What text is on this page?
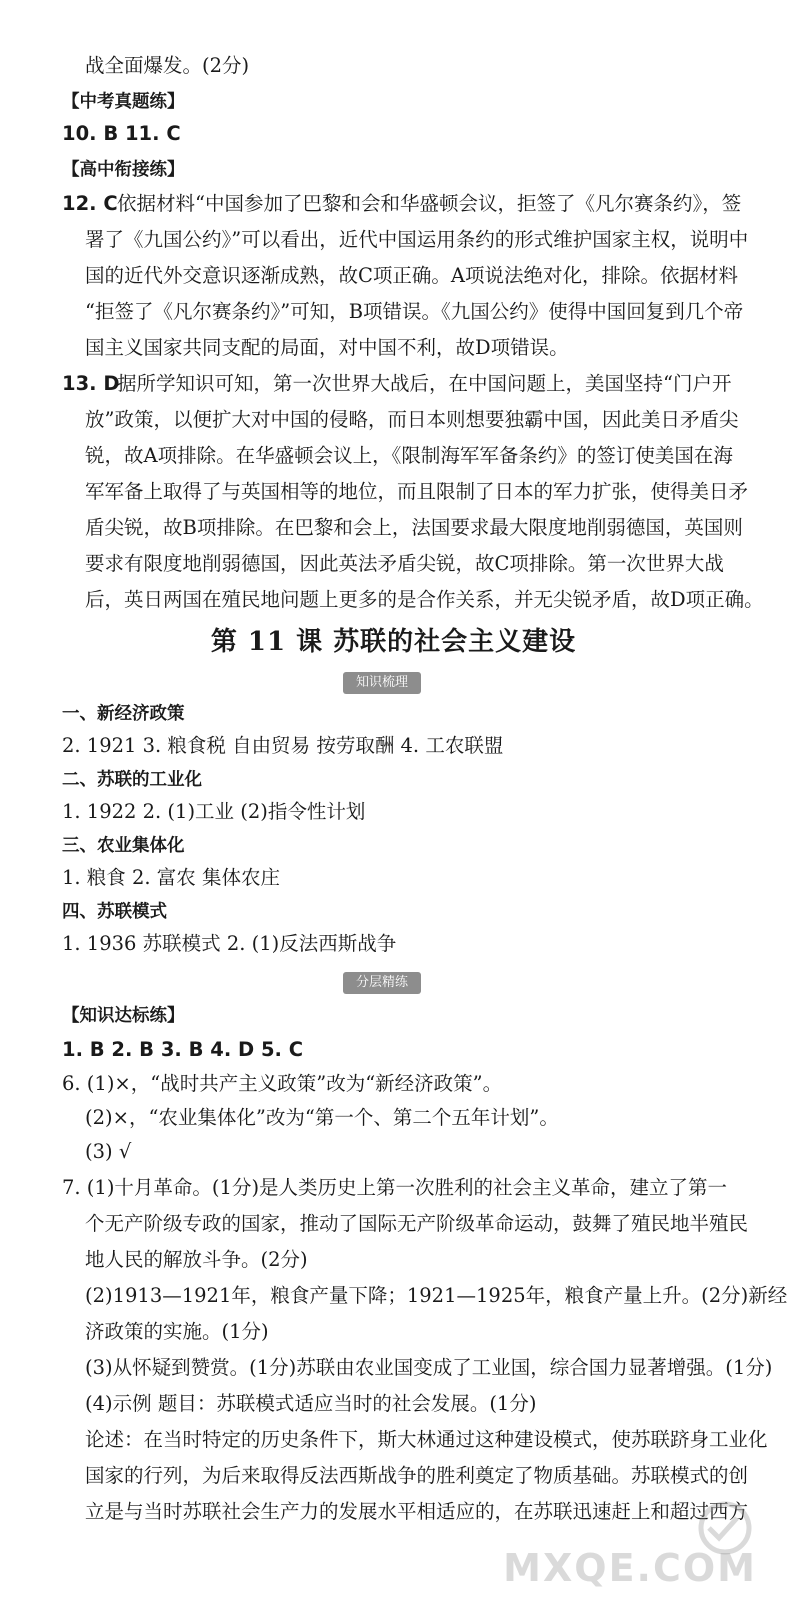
战全面爆发。(2分)
【中考真题练】
10. B 11. C
【高中衔接练】
12. C依据材料“中国参加了巴黎和会和华盛顿会议，拒签了《凡尔赛条约》，签
署了《九国公约》”可以看出，近代中国运用条约的形式维护国家主权，说明中
国的近代外交意识逐渐成熟，故C项正确。A项说法绝对化，排除。依据材料
“拒签了《凡尔赛条约》”可知，B项错误。《九国公约》使得中国回复到几个帝
国主义国家共同支配的局面，对中国不利，故D项错误。
13. D据所学知识可知，第一次世界大战后，在中国问题上，美国坚持“门户开
放”政策，以便扩大对中国的侵略，而日本则想要独霸中国，因此美日矛盾尖
锐，故A项排除。在华盛顿会议上，《限制海军军备条约》的签订使美国在海
军军备上取得了与英国相等的地位，而且限制了日本的军力扩张，使得美日矛
盾尖锐，故B项排除。在巴黎和会上，法国要求最大限度地削弱德国，英国则
要求有限度地削弱德国，因此英法矛盾尖锐，故C项排除。第一次世界大战
后，英日两国在殖民地问题上更多的是合作关系，并无尖锐矛盾，故D项正确。
第 11 课 苏联的社会主义建设
知识梳理
一、新经济政策
2. 1921 3. 粮食税 自由贸易 按劳取酬 4. 工农联盟
二、苏联的工业化
1. 1922 2. (1)工业 (2)指令性计划
三、农业集体化
1. 粮食 2. 富农 集体农庄
四、苏联模式
1. 1936 苏联模式 2. (1)反法西斯战争
分层精练
【知识达标练】
1. B 2. B 3. B 4. D 5. C
6. (1)×，“战时共产主义政策”改为“新经济政策”。
(2)×，“农业集体化”改为“第一个、第二个五年计划”。
(3) √
7. (1)十月革命。(1分)是人类历史上第一次胜利的社会主义革命，建立了第一
个无产阶级专政的国家，推动了国际无产阶级革命运动，鼓舞了殖民地半殖民
地人民的解放斗争。(2分)
(2)1913—1921年，粮食产量下降；1921—1925年，粮食产量上升。(2分)新经
济政策的实施。(1分)
(3)从怀疑到赞赏。(1分)苏联由农业国变成了工业国，综合国力显著增强。(1分)
(4)示例 题目：苏联模式适应当时的社会发展。(1分)
论述：在当时特定的历史条件下，斯大林通过这种建设模式，使苏联跻身工业化
国家的行列，为后来取得反法西斯战争的胜利奠定了物质基础。苏联模式的创
立是与当时苏联社会生产力的发展水平相适应的，在苏联迅速赶上和超过西方
MXQE.COM
